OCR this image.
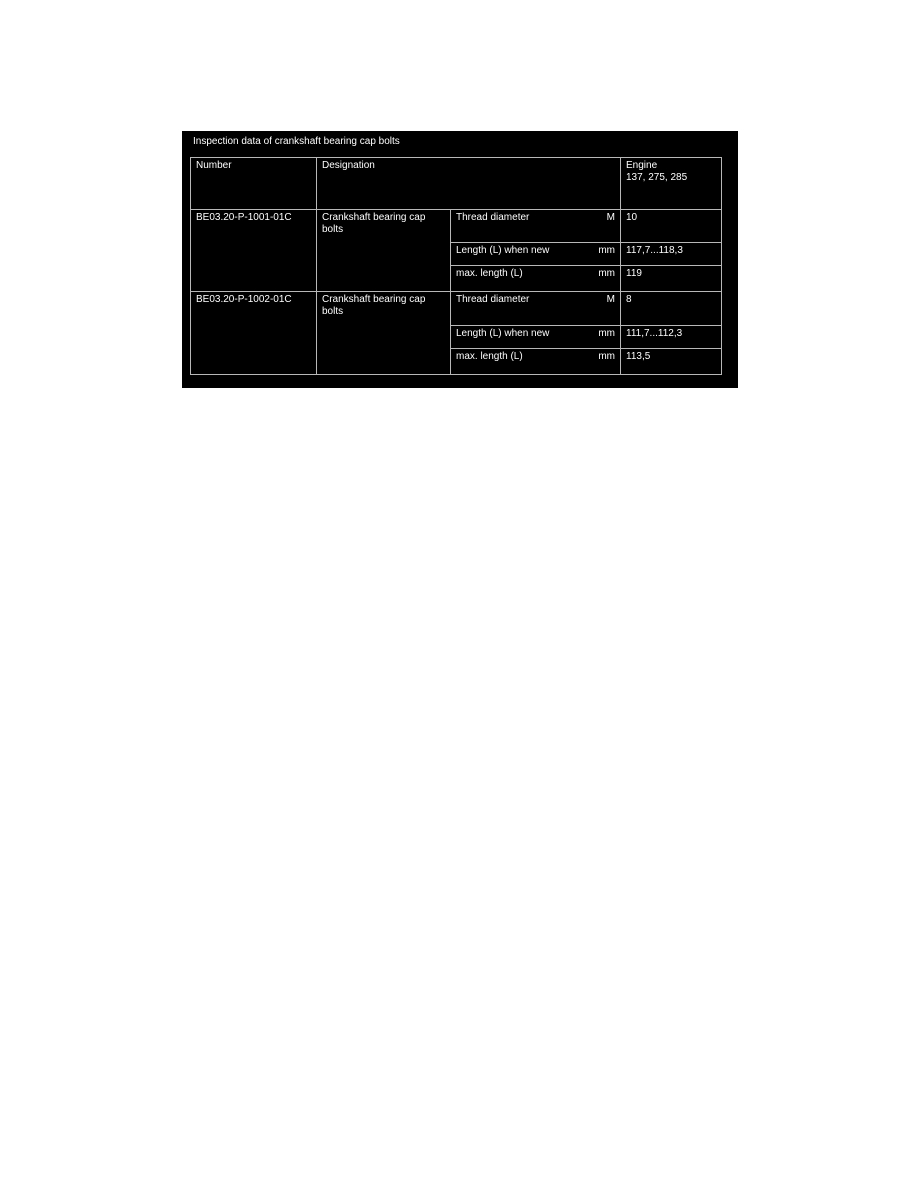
Inspection data of crankshaft bearing cap bolts
Number	Designation		Engine
137, 275, 285

BE03.20-P-1001-01C	Crankshaft bearing cap bolts	Thread diameter M	10

		Length (L) when new mm	117,7...118,3

		max. length (L) mm	119
BE03.20-P-1002-01C	Crankshaft bearing cap bolts	Thread diameter M	8

		Length (L) when new mm	111,7...112,3

		max. length (L) mm	113,5
